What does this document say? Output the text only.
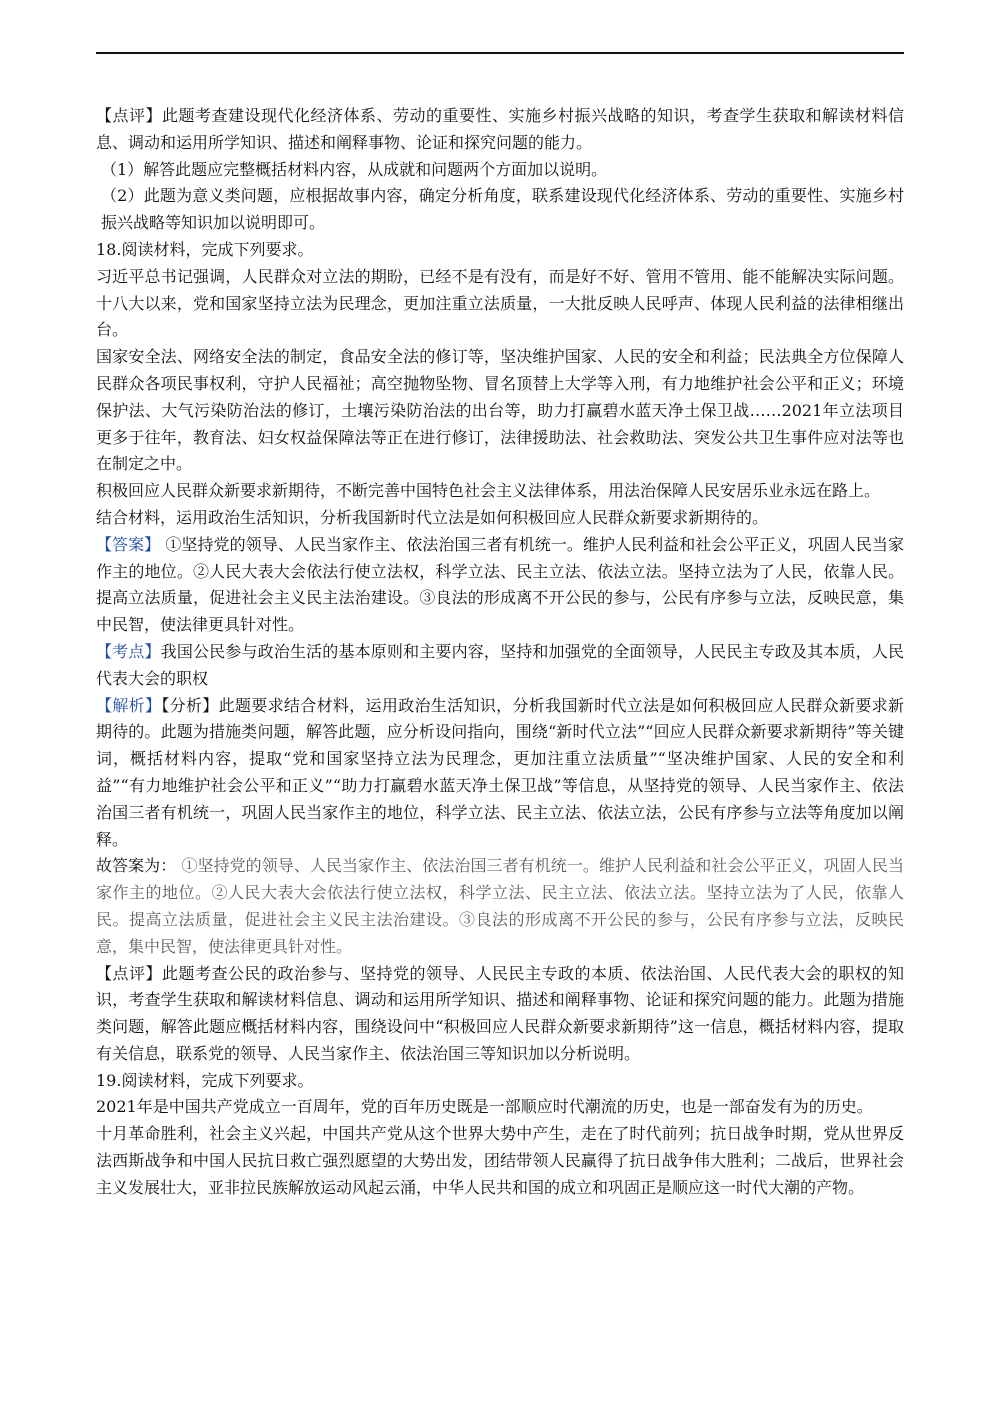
【点评】此题考查建设现代化经济体系、劳动的重要性、实施乡村振兴战略的知识，考查学生获取和解读材料信息、调动和运用所学知识、描述和阐释事物、论证和探究问题的能力。

（1）解答此题应完整概括材料内容，从成就和问题两个方面加以说明。

（2）此题为意义类问题，应根据故事内容，确定分析角度，联系建设现代化经济体系、劳动的重要性、实施乡村振兴战略等知识加以说明即可。

18.阅读材料，完成下列要求。

习近平总书记强调，人民群众对立法的期盼，已经不是有没有，而是好不好、管用不管用、能不能解决实际问题。十八大以来，党和国家坚持立法为民理念，更加注重立法质量，一大批反映人民呼声、体现人民利益的法律相继出台。

国家安全法、网络安全法的制定，食品安全法的修订等，坚决维护国家、人民的安全和利益；民法典全方位保障人民群众各项民事权利，守护人民福祉；高空抛物坠物、冒名顶替上大学等入刑，有力地维护社会公平和正义；环境保护法、大气污染防治法的修订，土壤污染防治法的出台等，助力打赢碧水蓝天净土保卫战……2021年立法项目更多于往年，教育法、妇女权益保障法等正在进行修订，法律援助法、社会救助法、突发公共卫生事件应对法等也在制定之中。

积极回应人民群众新要求新期待，不断完善中国特色社会主义法律体系，用法治保障人民安居乐业永远在路上。

结合材料，运用政治生活知识，分析我国新时代立法是如何积极回应人民群众新要求新期待的。

【答案】 ①坚持党的领导、人民当家作主、依法治国三者有机统一。维护人民利益和社会公平正义，巩固人民当家作主的地位。②人民大表大会依法行使立法权，科学立法、民主立法、依法立法。坚持立法为了人民，依靠人民。提高立法质量，促进社会主义民主法治建设。③良法的形成离不开公民的参与，公民有序参与立法，反映民意，集中民智，使法律更具针对性。

【考点】我国公民参与政治生活的基本原则和主要内容，坚持和加强党的全面领导，人民民主专政及其本质，人民代表大会的职权

【解析】【分析】此题要求结合材料，运用政治生活知识，分析我国新时代立法是如何积极回应人民群众新要求新期待的。此题为措施类问题，解答此题，应分析设问指向，围绕“新时代立法”“回应人民群众新要求新期待”等关键词，概括材料内容，提取“党和国家坚持立法为民理念，更加注重立法质量”“坚决维护国家、人民的安全和利益”“有力地维护社会公平和正义”“助力打赢碧水蓝天净土保卫战”等信息，从坚持党的领导、人民当家作主、依法治国三者有机统一，巩固人民当家作主的地位，科学立法、民主立法、依法立法，公民有序参与立法等角度加以阐释。

故答案为： ①坚持党的领导、人民当家作主、依法治国三者有机统一。维护人民利益和社会公平正义，巩固人民当家作主的地位。②人民大表大会依法行使立法权，科学立法、民主立法、依法立法。坚持立法为了人民，依靠人民。提高立法质量，促进社会主义民主法治建设。③良法的形成离不开公民的参与，公民有序参与立法，反映民意，集中民智，使法律更具针对性。

【点评】此题考查公民的政治参与、坚持党的领导、人民民主专政的本质、依法治国、人民代表大会的职权的知识，考查学生获取和解读材料信息、调动和运用所学知识、描述和阐释事物、论证和探究问题的能力。此题为措施类问题，解答此题应概括材料内容，围绕设问中“积极回应人民群众新要求新期待”这一信息，概括材料内容，提取有关信息，联系党的领导、人民当家作主、依法治国三等知识加以分析说明。

19.阅读材料，完成下列要求。

2021年是中国共产党成立一百周年，党的百年历史既是一部顺应时代潮流的历史，也是一部奋发有为的历史。

十月革命胜利，社会主义兴起，中国共产党从这个世界大势中产生，走在了时代前列；抗日战争时期，党从世界反法西斯战争和中国人民抗日救亡强烈愿望的大势出发，团结带领人民赢得了抗日战争伟大胜利；二战后，世界社会主义发展壮大，亚非拉民族解放运动风起云涌，中华人民共和国的成立和巩固正是顺应这一时代大潮的产物。
